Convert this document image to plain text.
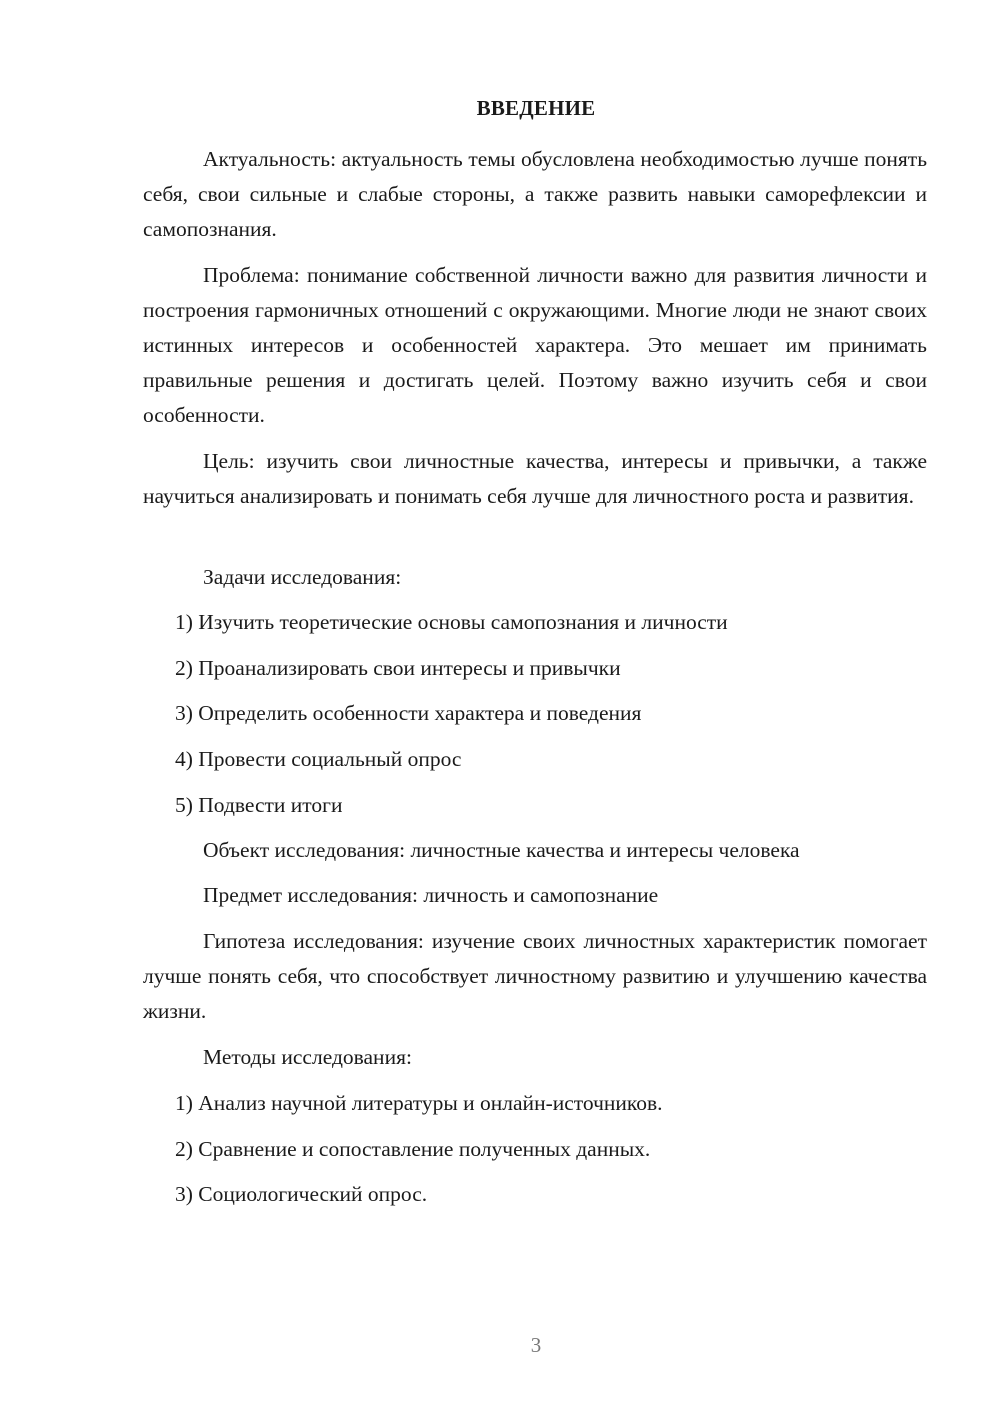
ВВЕДЕНИЕ

Актуальность: актуальность темы обусловлена необходимостью лучше понять себя, свои сильные и слабые стороны, а также развить навыки саморефлексии и самопознания.

Проблема: понимание собственной личности важно для развития личности и построения гармоничных отношений с окружающими. Многие люди не знают своих истинных интересов и особенностей характера. Это мешает им принимать правильные решения и достигать целей. Поэтому важно изучить себя и свои особенности.

Цель: изучить свои личностные качества, интересы и привычки, а также научиться анализировать и понимать себя лучше для личностного роста и развития.

Задачи исследования:

1) Изучить теоретические основы самопознания и личности
2) Проанализировать свои интересы и привычки
3) Определить особенности характера и поведения
4) Провести социальный опрос
5) Подвести итоги

Объект исследования: личностные качества и интересы человека

Предмет исследования: личность и самопознание

Гипотеза исследования: изучение своих личностных характеристик помогает лучше понять себя, что способствует личностному развитию и улучшению качества жизни.

Методы исследования:

1) Анализ научной литературы и онлайн-источников.
2) Сравнение и сопоставление полученных данных.
3) Социологический опрос.
3
